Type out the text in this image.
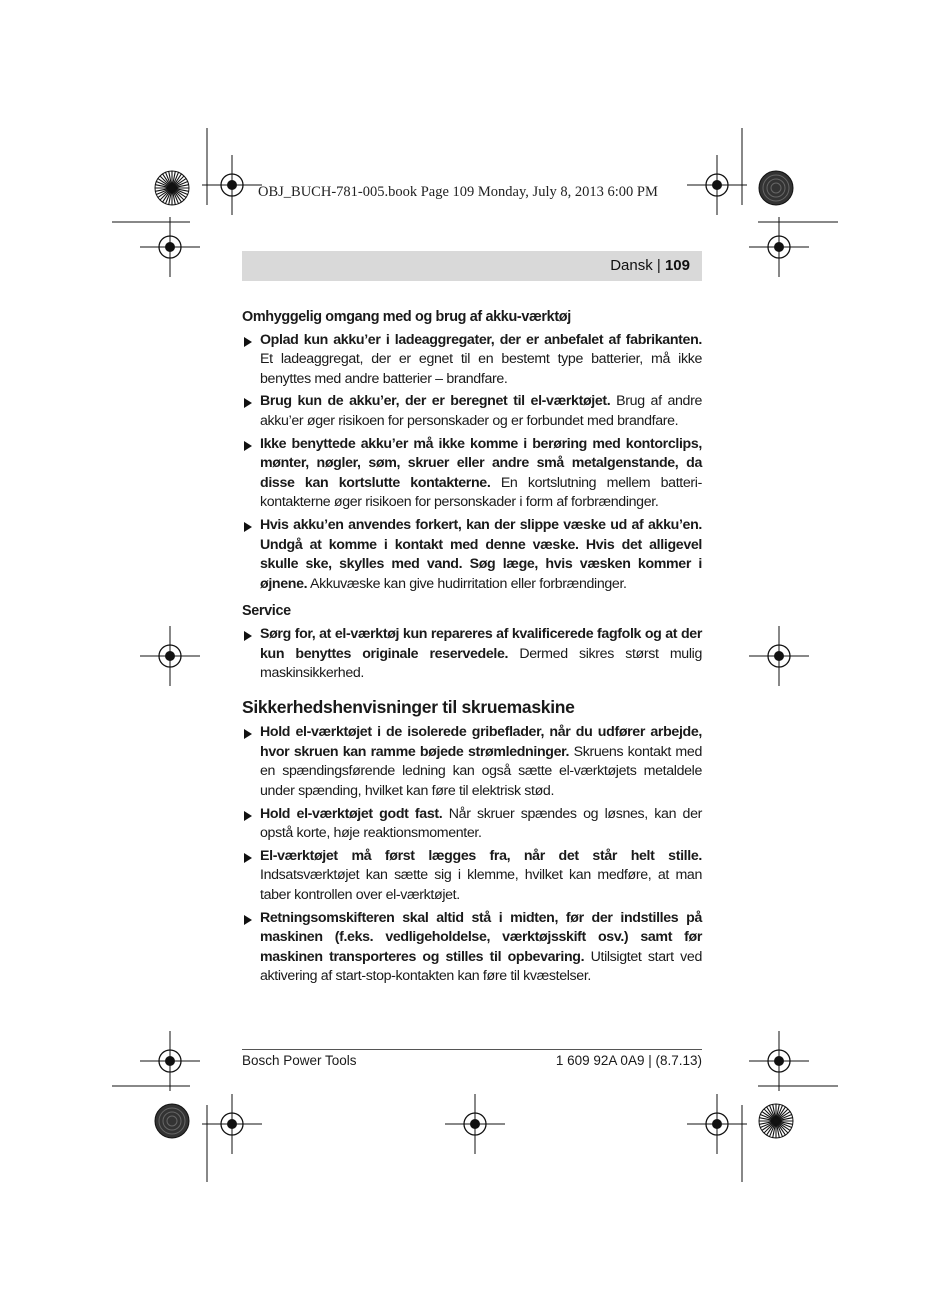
OBJ_BUCH-781-005.book Page 109 Monday, July 8, 2013 6:00 PM
Dansk | 109
Omhyggelig omgang med og brug af akku-værktøj
Oplad kun akku’er i ladeaggregater, der er anbefalet af fabrikanten. Et ladeaggregat, der er egnet til en bestemt type batterier, må ikke benyttes med andre batterier – brandfare.
Brug kun de akku’er, der er beregnet til el-værktøjet. Brug af andre akku’er øger risikoen for personskader og er forbundet med brandfare.
Ikke benyttede akku’er må ikke komme i berøring med kontorclips, mønter, nøgler, søm, skruer eller andre små metalgenstande, da disse kan kortslutte kontakterne. En kortslutning mellem batteri-kontakterne øger risikoen for personskader i form af forbrændinger.
Hvis akku’en anvendes forkert, kan der slippe væske ud af akku’en. Undgå at komme i kontakt med denne væske. Hvis det alligevel skulle ske, skylles med vand. Søg læge, hvis væsken kommer i øjnene. Akkuvæske kan give hudirritation eller forbrændinger.
Service
Sørg for, at el-værktøj kun repareres af kvalificerede fagfolk og at der kun benyttes originale reservedele. Dermed sikres størst mulig maskinsikkerhed.
Sikkerhedshenvisninger til skruemaskine
Hold el-værktøjet i de isolerede gribeflader, når du udfører arbejde, hvor skruen kan ramme bøjede strømledninger. Skruens kontakt med en spændingsførende ledning kan også sætte el-værktøjets metaldele under spænding, hvilket kan føre til elektrisk stød.
Hold el-værktøjet godt fast. Når skruer spændes og løsnes, kan der opstå korte, høje reaktionsmomenter.
El-værktøjet må først lægges fra, når det står helt stille. Indsatsværktøjet kan sætte sig i klemme, hvilket kan medføre, at man taber kontrollen over el-værktøjet.
Retningsomskifteren skal altid stå i midten, før der indstilles på maskinen (f.eks. vedligeholdelse, værktøjsskift osv.) samt før maskinen transporteres og stilles til opbevaring. Utilsigtet start ved aktivering af start-stop-kontakten kan føre til kvæstelser.
Bosch Power Tools	1 609 92A 0A9 | (8.7.13)
